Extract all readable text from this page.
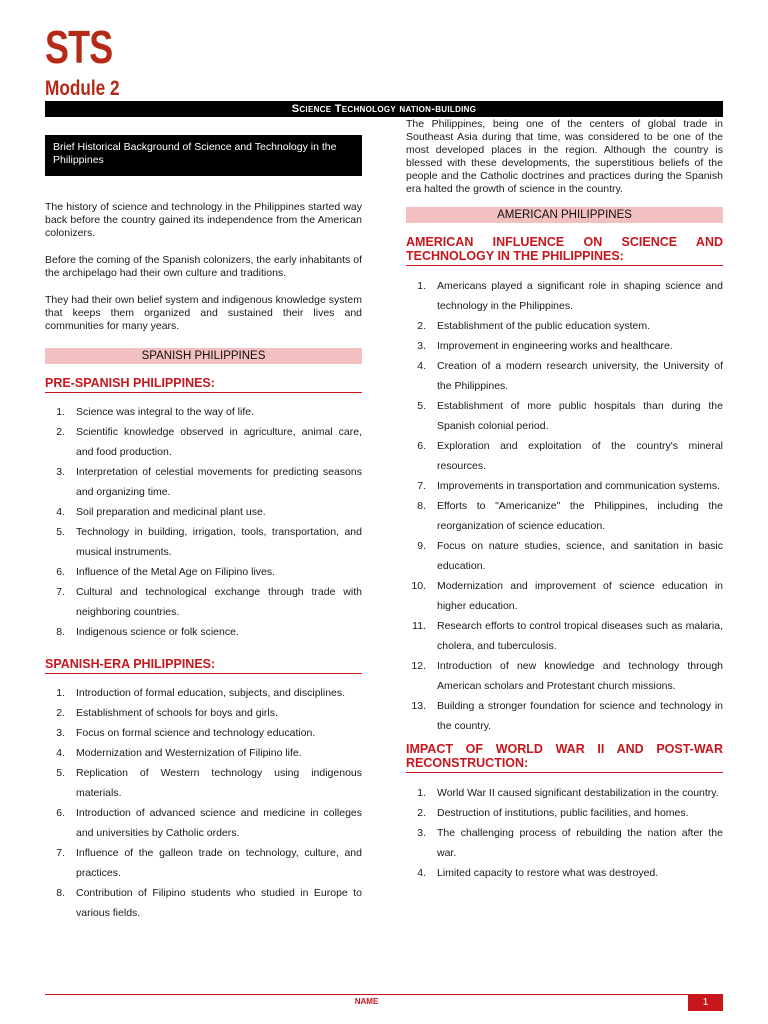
STS
Module 2
Science Technology nation-building
Brief Historical Background of Science and Technology in the Philippines

The history of science and technology in the Philippines started way back before the country gained its independence from the American colonizers.

Before the coming of the Spanish colonizers, the early inhabitants of the archipelago had their own culture and traditions.

They had their own belief system and indigenous knowledge system that keeps them organized and sustained their lives and communities for many years.

SPANISH PHILIPPINES
PRE-SPANISH PHILIPPINES:
1. Science was integral to the way of life.
2. Scientific knowledge observed in agriculture, animal care, and food production.
3. Interpretation of celestial movements for predicting seasons and organizing time.
4. Soil preparation and medicinal plant use.
5. Technology in building, irrigation, tools, transportation, and musical instruments.
6. Influence of the Metal Age on Filipino lives.
7. Cultural and technological exchange through trade with neighboring countries.
8. Indigenous science or folk science.
SPANISH-ERA PHILIPPINES:
1. Introduction of formal education, subjects, and disciplines.
2. Establishment of schools for boys and girls.
3. Focus on formal science and technology education.
4. Modernization and Westernization of Filipino life.
5. Replication of Western technology using indigenous materials.
6. Introduction of advanced science and medicine in colleges and universities by Catholic orders.
7. Influence of the galleon trade on technology, culture, and practices.
8. Contribution of Filipino students who studied in Europe to various fields.

The Philippines, being one of the centers of global trade in Southeast Asia during that time, was considered to be one of the most developed places in the region. Although the country is blessed with these developments, the superstitious beliefs of the people and the Catholic doctrines and practices during the Spanish era halted the growth of science in the country.

AMERICAN PHILIPPINES
AMERICAN INFLUENCE ON SCIENCE AND TECHNOLOGY IN THE PHILIPPINES:
1. Americans played a significant role in shaping science and technology in the Philippines.
2. Establishment of the public education system.
3. Improvement in engineering works and healthcare.
4. Creation of a modern research university, the University of the Philippines.
5. Establishment of more public hospitals than during the Spanish colonial period.
6. Exploration and exploitation of the country's mineral resources.
7. Improvements in transportation and communication systems.
8. Efforts to "Americanize" the Philippines, including the reorganization of science education.
9. Focus on nature studies, science, and sanitation in basic education.
10. Modernization and improvement of science education in higher education.
11. Research efforts to control tropical diseases such as malaria, cholera, and tuberculosis.
12. Introduction of new knowledge and technology through American scholars and Protestant church missions.
13. Building a stronger foundation for science and technology in the country.
IMPACT OF WORLD WAR II AND POST-WAR RECONSTRUCTION:
1. World War II caused significant destabilization in the country.
2. Destruction of institutions, public facilities, and homes.
3. The challenging process of rebuilding the nation after the war.
4. Limited capacity to restore what was destroyed.
NAME	1
